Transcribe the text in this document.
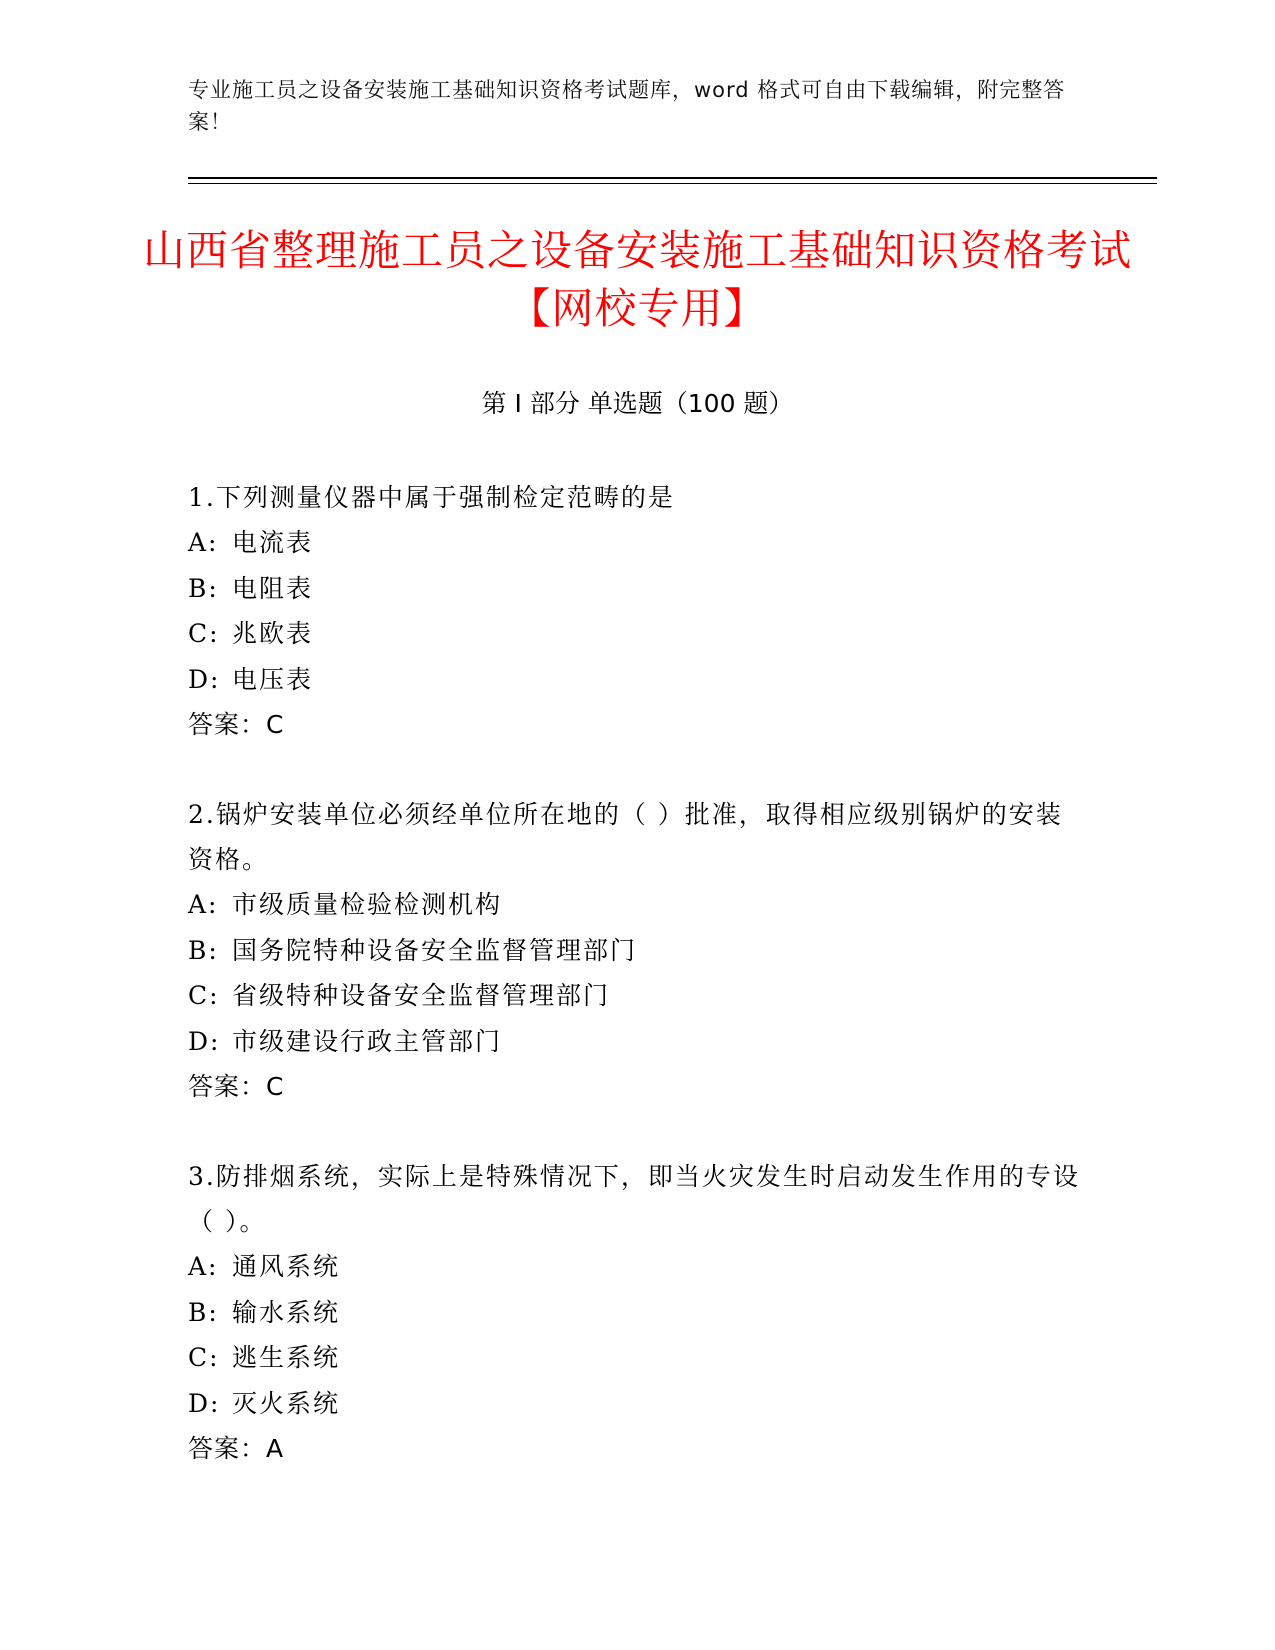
专业施工员之设备安装施工基础知识资格考试题库，word 格式可自由下载编辑，附完整答案！
山西省整理施工员之设备安装施工基础知识资格考试【网校专用】
第 I 部分 单选题（100 题）
1.下列测量仪器中属于强制检定范畴的是
A: 电流表
B: 电阻表
C: 兆欧表
D: 电压表
答案：C
2.锅炉安装单位必须经单位所在地的（ ）批准，取得相应级别锅炉的安装资格。
A: 市级质量检验检测机构
B: 国务院特种设备安全监督管理部门
C: 省级特种设备安全监督管理部门
D: 市级建设行政主管部门
答案：C
3.防排烟系统，实际上是特殊情况下，即当火灾发生时启动发生作用的专设（ ）。
A: 通风系统
B: 输水系统
C: 逃生系统
D: 灭火系统
答案：A
